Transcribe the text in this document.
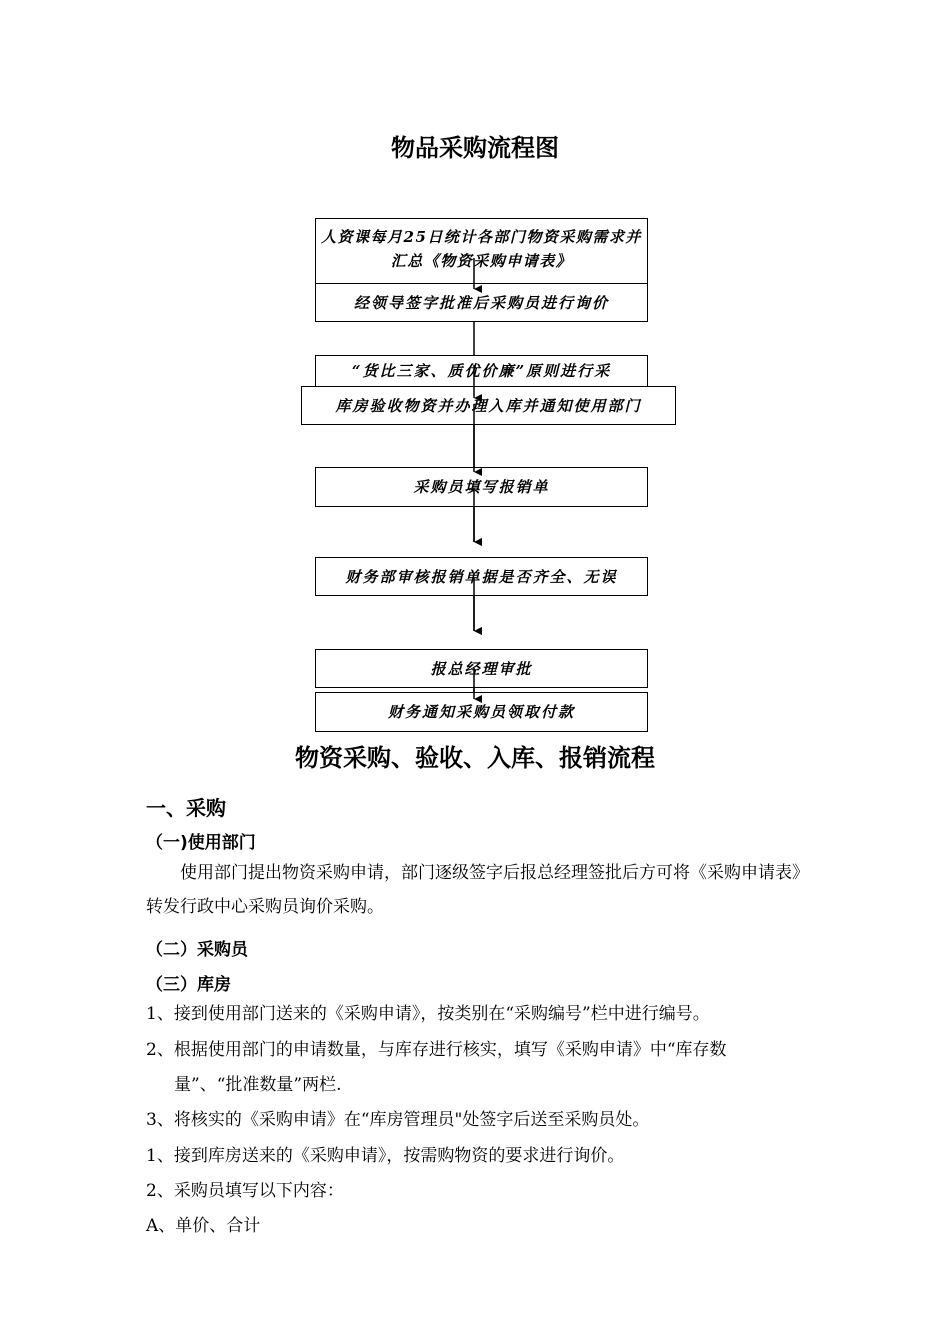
物品采购流程图
人资课每月25日统计各部门物资采购需求并汇总《物资采购申请表》
经领导签字批准后采购员进行询价
“货比三家、质优价廉”原则进行采
库房验收物资并办理入库并通知使用部门
采购员填写报销单
财务部审核报销单据是否齐全、无误
报总经理审批
财务通知采购员领取付款
物资采购、验收、入库、报销流程
一、采购
（一)使用部门
使用部门提出物资采购申请，部门逐级签字后报总经理签批后方可将《采购申请表》转发行政中心采购员询价采购。
（二）采购员
（三）库房
1、接到使用部门送来的《采购申请》，按类别在“采购编号”栏中进行编号。
2、根据使用部门的申请数量，与库存进行核实，填写《采购申请》中“库存数
量”、“批准数量”两栏.
3、将核实的《采购申请》在“库房管理员"处签字后送至采购员处。
1、接到库房送来的《采购申请》，按需购物资的要求进行询价。
2、采购员填写以下内容：
A、单价、合计
